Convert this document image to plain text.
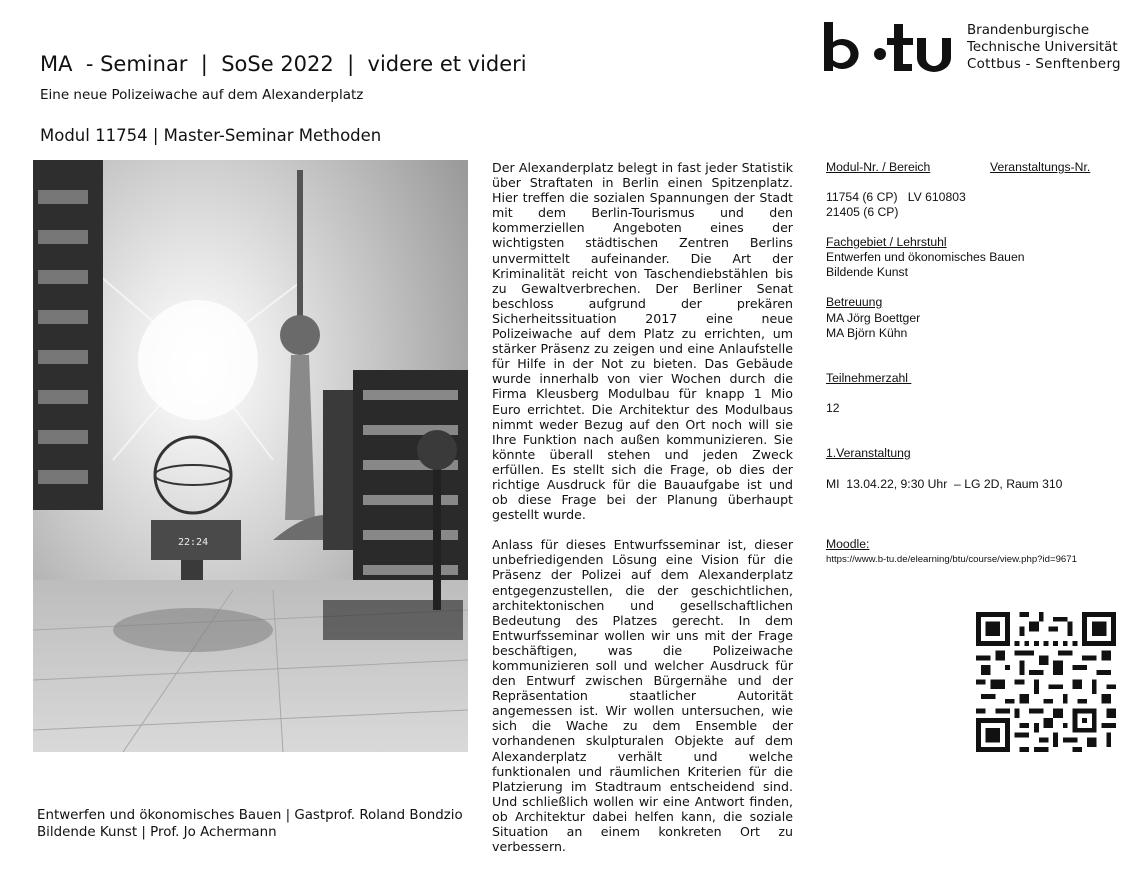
MA  - Seminar  |  SoSe 2022  |  videre et videri
Eine neue Polizeiwache auf dem Alexanderplatz
Modul 11754 | Master-Seminar Methoden
Brandenburgische
Technische Universität
Cottbus - Senftenberg
22:24

Der Alexanderplatz belegt in fast jeder Statistik über Straftaten in Berlin einen Spitzenplatz. Hier treffen die sozialen Spannungen der Stadt mit dem Berlin-Tourismus und den kommerziellen Angeboten eines der wichtigsten städtischen Zentren Berlins unvermittelt aufeinander. Die Art der Kriminalität reicht von Taschendiebstählen bis zu Gewaltverbrechen. Der Berliner Senat beschloss aufgrund der prekären Sicherheitssituation 2017 eine neue Polizeiwache auf dem Platz zu errichten, um stärker Präsenz zu zeigen und eine Anlaufstelle für Hilfe in der Not zu bieten. Das Gebäude wurde innerhalb von vier Wochen durch die Firma Kleusberg Modulbau für knapp 1 Mio Euro errichtet. Die Architektur des Modulbaus nimmt weder Bezug auf den Ort noch will sie Ihre Funktion nach außen kommunizieren. Sie könnte überall stehen und jeden Zweck erfüllen. Es stellt sich die Frage, ob dies der richtige Ausdruck für die Bauaufgabe ist und ob diese Frage bei der Planung überhaupt gestellt wurde.

Anlass für dieses Entwurfsseminar ist, dieser unbefriedigenden Lösung eine Vision für die Präsenz der Polizei auf dem Alexanderplatz entgegenzustellen, die der geschichtlichen, architektonischen und gesellschaftlichen Bedeutung des Platzes gerecht. In dem Entwurfsseminar wollen wir uns mit der Frage beschäftigen, was die Polizeiwache kommunizieren soll und welcher Ausdruck für den Entwurf zwischen Bürgernähe und der Repräsentation staatlicher Autorität angemessen ist. Wir wollen untersuchen, wie sich die Wache zu dem Ensemble der vorhandenen skulpturalen Objekte auf dem Alexanderplatz verhält und welche funktionalen und räumlichen Kriterien für die Platzierung im Stadtraum entscheidend sind. Und schließlich wollen wir eine Antwort finden, ob Architektur dabei helfen kann, die soziale Situation an einem konkreten Ort zu verbessern.

Modul-Nr. / Bereich	Veranstaltungs-Nr.
11754 (6 CP)   LV 610803
21405 (6 CP)
Fachgebiet / Lehrstuhl
Entwerfen und ökonomisches Bauen
Bildende Kunst
Betreuung
MA Jörg Boettger
MA Björn Kühn
Teilnehmerzahl
12
1.Veranstaltung
MI  13.04.22, 9:30 Uhr  – LG 2D, Raum 310
Moodle:
https://www.b-tu.de/elearning/btu/course/view.php?id=9671
Entwerfen und ökonomisches Bauen | Gastprof. Roland Bondzio
Bildende Kunst | Prof. Jo Achermann
